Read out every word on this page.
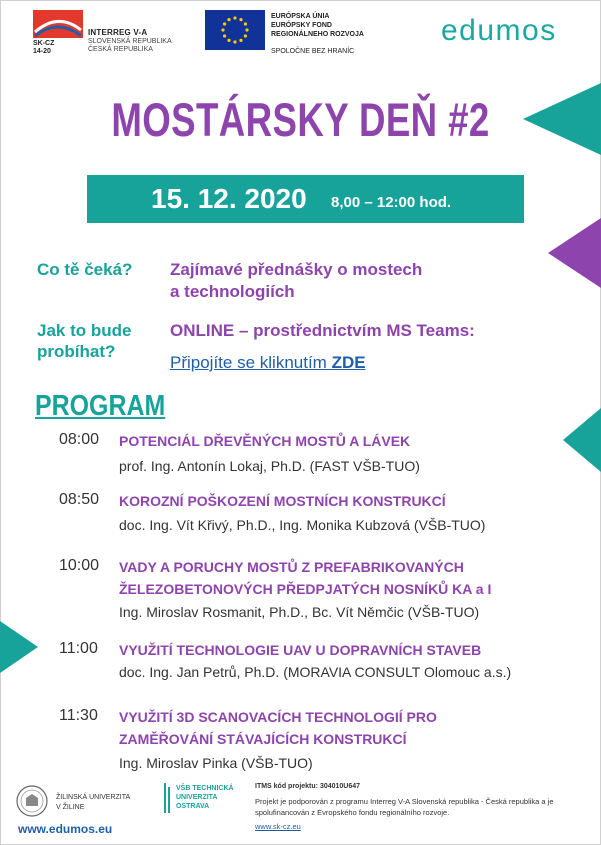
SK-CZ
14-20
INTERREG V-A
SLOVENSKÁ REPUBLIKA
ČESKÁ REPUBLIKA
EURÓPSKA ÚNIA
EURÓPSKY FOND
REGIONÁLNEHO ROZVOJA
SPOLOČNE BEZ HRANÍC
edumos
MOSTÁRSKY DEŇ #2
15. 12. 2020 8,00 – 12:00 hod.
Co tě čeká? Zajímavé přednášky o mostech
a technologiích
Jak to bude
probíhat?
ONLINE – prostřednictvím MS Teams:
Připojíte se kliknutím ZDE
PROGRAM
08:00 POTENCIÁL DŘEVĚNÝCH MOSTŮ A LÁVEK
prof. Ing. Antonín Lokaj, Ph.D. (FAST VŠB-TUO)
08:50 KOROZNÍ POŠKOZENÍ MOSTNÍCH KONSTRUKCÍ
doc. Ing. Vít Křivý, Ph.D., Ing. Monika Kubzová (VŠB-TUO)
10:00 VADY A PORUCHY MOSTŮ Z PREFABRIKOVANÝCH
ŽELEZOBETONOVÝCH PŘEDPJATÝCH NOSNÍKŮ KA a I
Ing. Miroslav Rosmanit, Ph.D., Bc. Vít Němčic (VŠB-TUO)
11:00 VYUŽITÍ TECHNOLOGIE UAV U DOPRAVNÍCH STAVEB
doc. Ing. Jan Petrů, Ph.D. (MORAVIA CONSULT Olomouc a.s.)
11:30 VYUŽITÍ 3D SCANOVACÍCH TECHNOLOGIÍ PRO
ZAMĚŘOVÁNÍ STÁVAJÍCÍCH KONSTRUKCÍ
Ing. Miroslav Pinka (VŠB-TUO)
ŽILINSKÁ UNIVERZITA
V ŽILINE
VŠB TECHNICKÁ
UNIVERZITA
OSTRAVA
ITMS kód projektu: 304010U647
Projekt je podporován z programu Interreg V-A Slovenská republika - Česká republika a je spolufinancován z Evropského fondu regionálního rozvoje.
www.sk-cz.eu
www.edumos.eu
